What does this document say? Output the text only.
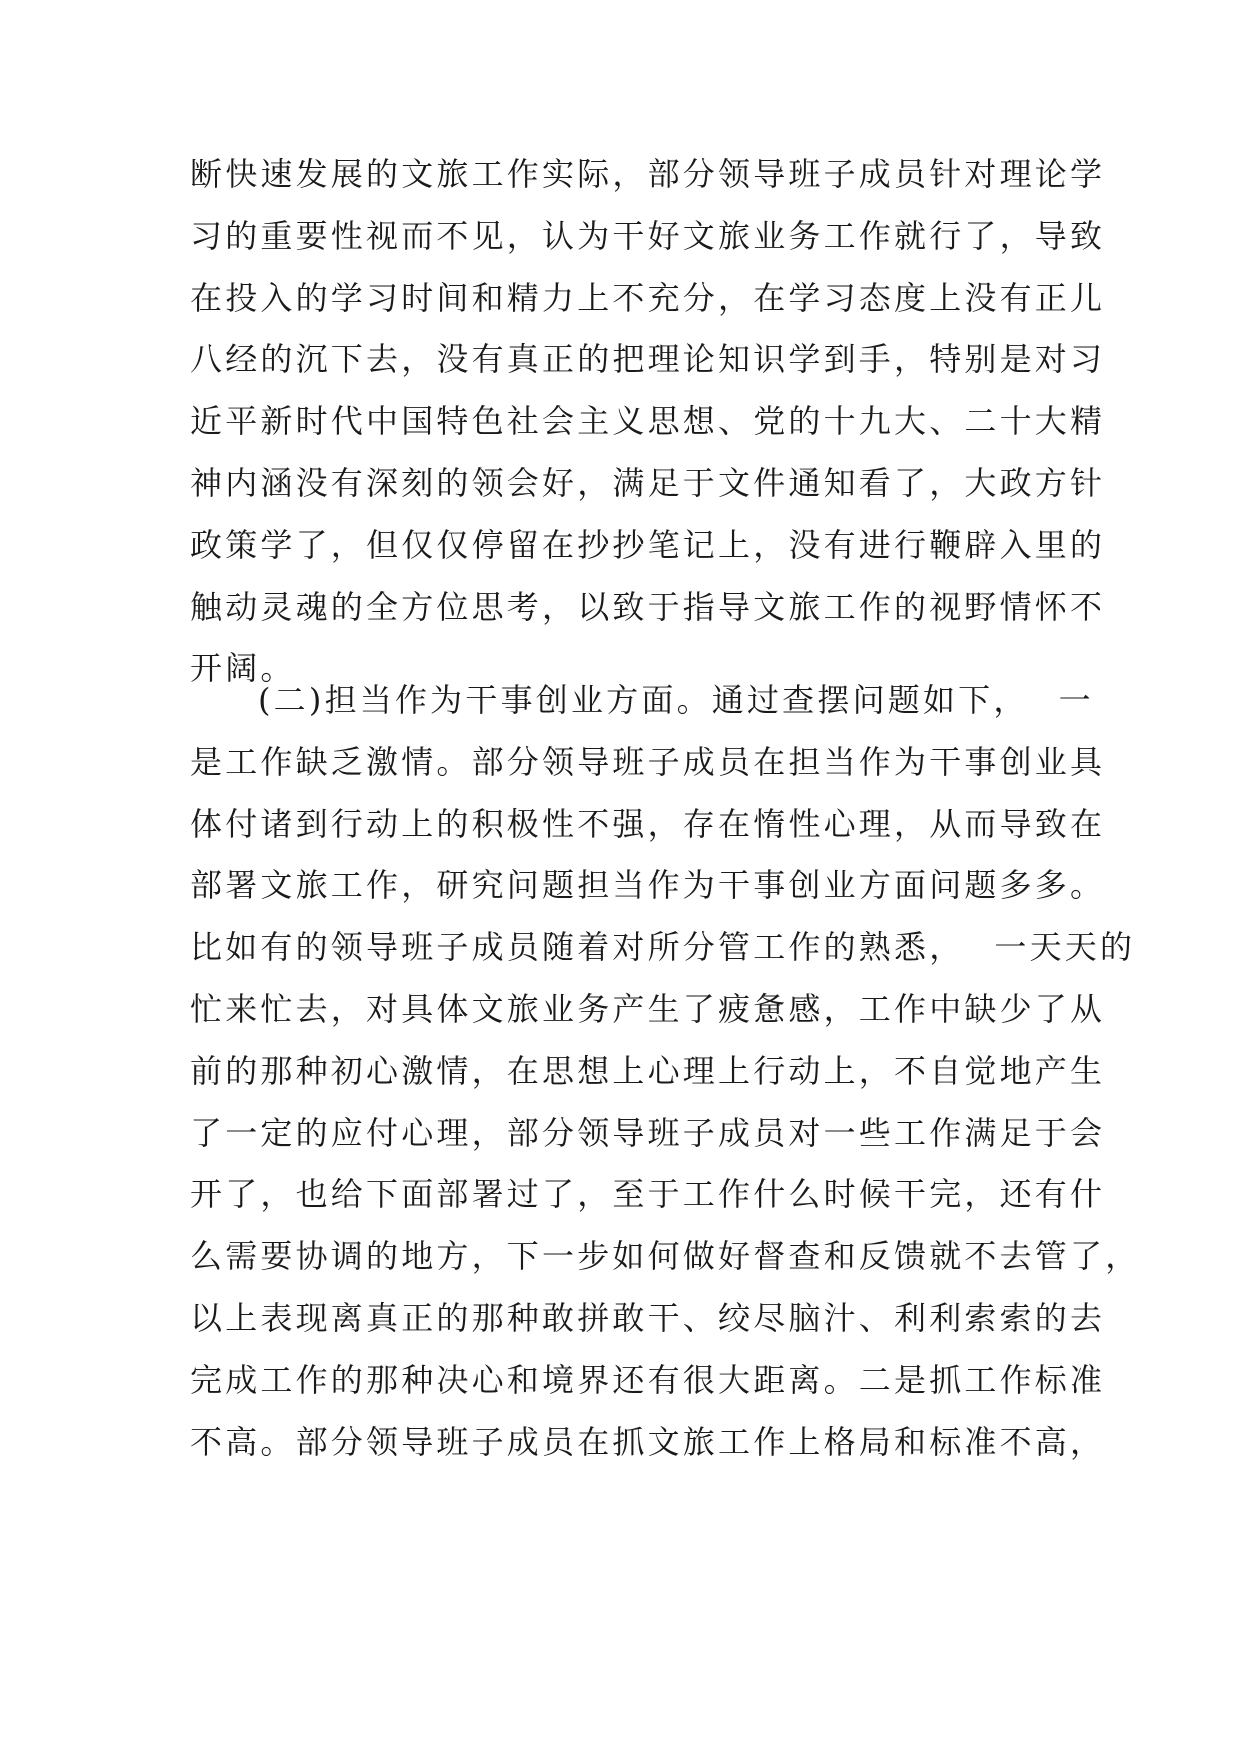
断快速发展的文旅工作实际，部分领导班子成员针对理论学
习的重要性视而不见，认为干好文旅业务工作就行了，导致
在投入的学习时间和精力上不充分，在学习态度上没有正儿
八经的沉下去，没有真正的把理论知识学到手，特别是对习
近平新时代中国特色社会主义思想、党的十九大、二十大精
神内涵没有深刻的领会好，满足于文件通知看了，大政方针
政策学了，但仅仅停留在抄抄笔记上，没有进行鞭辟入里的
触动灵魂的全方位思考，以致于指导文旅工作的视野情怀不
开阔。
(二)担当作为干事创业方面。通过查摆问题如下， 一
是工作缺乏激情。部分领导班子成员在担当作为干事创业具
体付诸到行动上的积极性不强，存在惰性心理，从而导致在
部署文旅工作，研究问题担当作为干事创业方面问题多多。
比如有的领导班子成员随着对所分管工作的熟悉， 一天天的
忙来忙去，对具体文旅业务产生了疲惫感，工作中缺少了从
前的那种初心激情，在思想上心理上行动上，不自觉地产生
了一定的应付心理，部分领导班子成员对一些工作满足于会
开了，也给下面部署过了，至于工作什么时候干完，还有什
么需要协调的地方，下一步如何做好督查和反馈就不去管了，
以上表现离真正的那种敢拼敢干、绞尽脑汁、利利索索的去
完成工作的那种决心和境界还有很大距离。二是抓工作标准
不高。部分领导班子成员在抓文旅工作上格局和标准不高，
